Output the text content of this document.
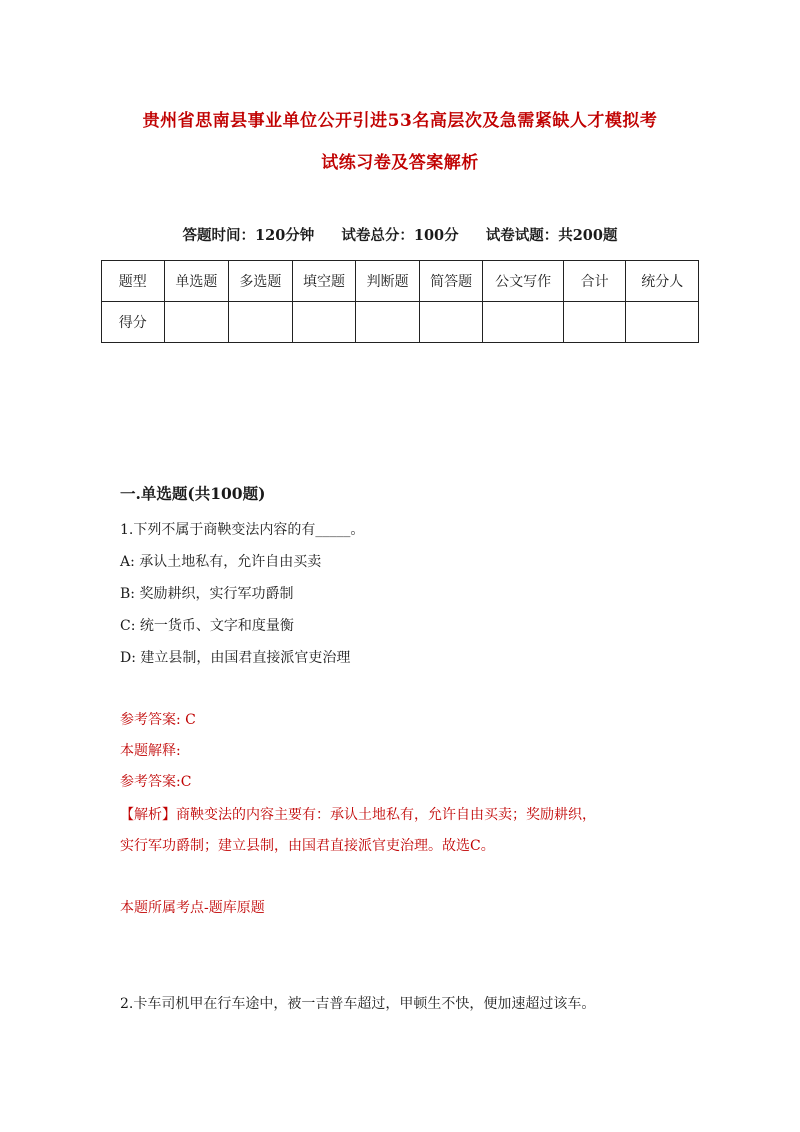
贵州省思南县事业单位公开引进53名高层次及急需紧缺人才模拟考
试练习卷及答案解析
答题时间：120分钟 试卷总分：100分 试卷试题：共200题
题型	单选题	多选题	填空题	判断题	简答题	公文写作	合计	统分人
得分								
一.单选题(共100题)
1.下列不属于商鞅变法内容的有_____。
A: 承认土地私有，允许自由买卖
B: 奖励耕织，实行军功爵制
C: 统一货币、文字和度量衡
D: 建立县制，由国君直接派官吏治理
参考答案: C
本题解释:
参考答案:C
【解析】商鞅变法的内容主要有：承认土地私有，允许自由买卖；奖励耕织，
实行军功爵制；建立县制，由国君直接派官吏治理。故选C。
本题所属考点-题库原题
2.卡车司机甲在行车途中，被一吉普车超过，甲顿生不快，便加速超过该车。
